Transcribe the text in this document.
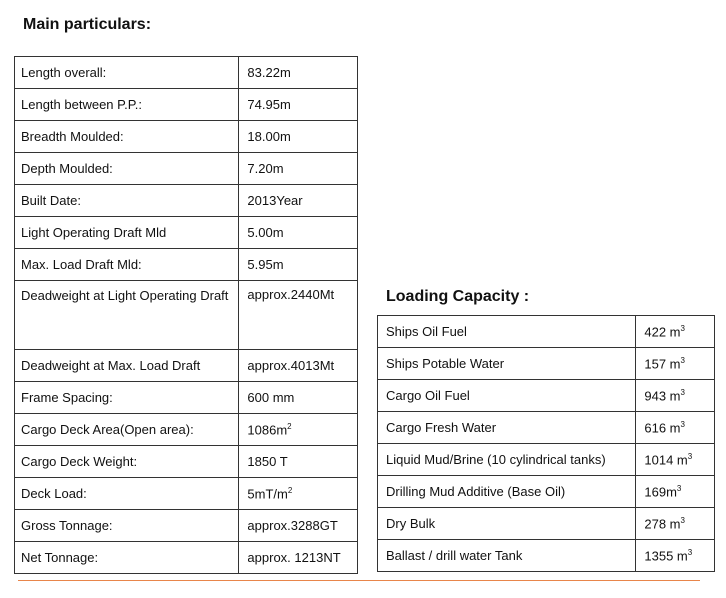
Main particulars:
Length overall:	83.22m
Length between P.P.:	74.95m
Breadth Moulded:	18.00m
Depth Moulded:	7.20m
Built Date:	2013Year
Light Operating Draft Mld	5.00m
Max. Load Draft Mld:	5.95m
Deadweight at Light Operating Draft	approx.2440Mt
Deadweight at Max. Load Draft	approx.4013Mt
Frame Spacing:	600 mm
Cargo Deck Area(Open area):	$1086m^2$
Cargo Deck Weight:	1850 T
Deck Load:	$5mT/m^2$
Gross Tonnage:	approx.3288GT
Net Tonnage:	approx. 1213NT
Loading Capacity :
Ships Oil Fuel	422 $m^3$
Ships Potable Water	157 $m^3$
Cargo Oil Fuel	943 $m^3$
Cargo Fresh Water	616 $m^3$
Liquid Mud/Brine (10 cylindrical tanks)	1014 $m^3$
Drilling Mud Additive (Base Oil)	$169m^3$
Dry Bulk	278 $m^3$
Ballast / drill water Tank	1355 $m^3$
